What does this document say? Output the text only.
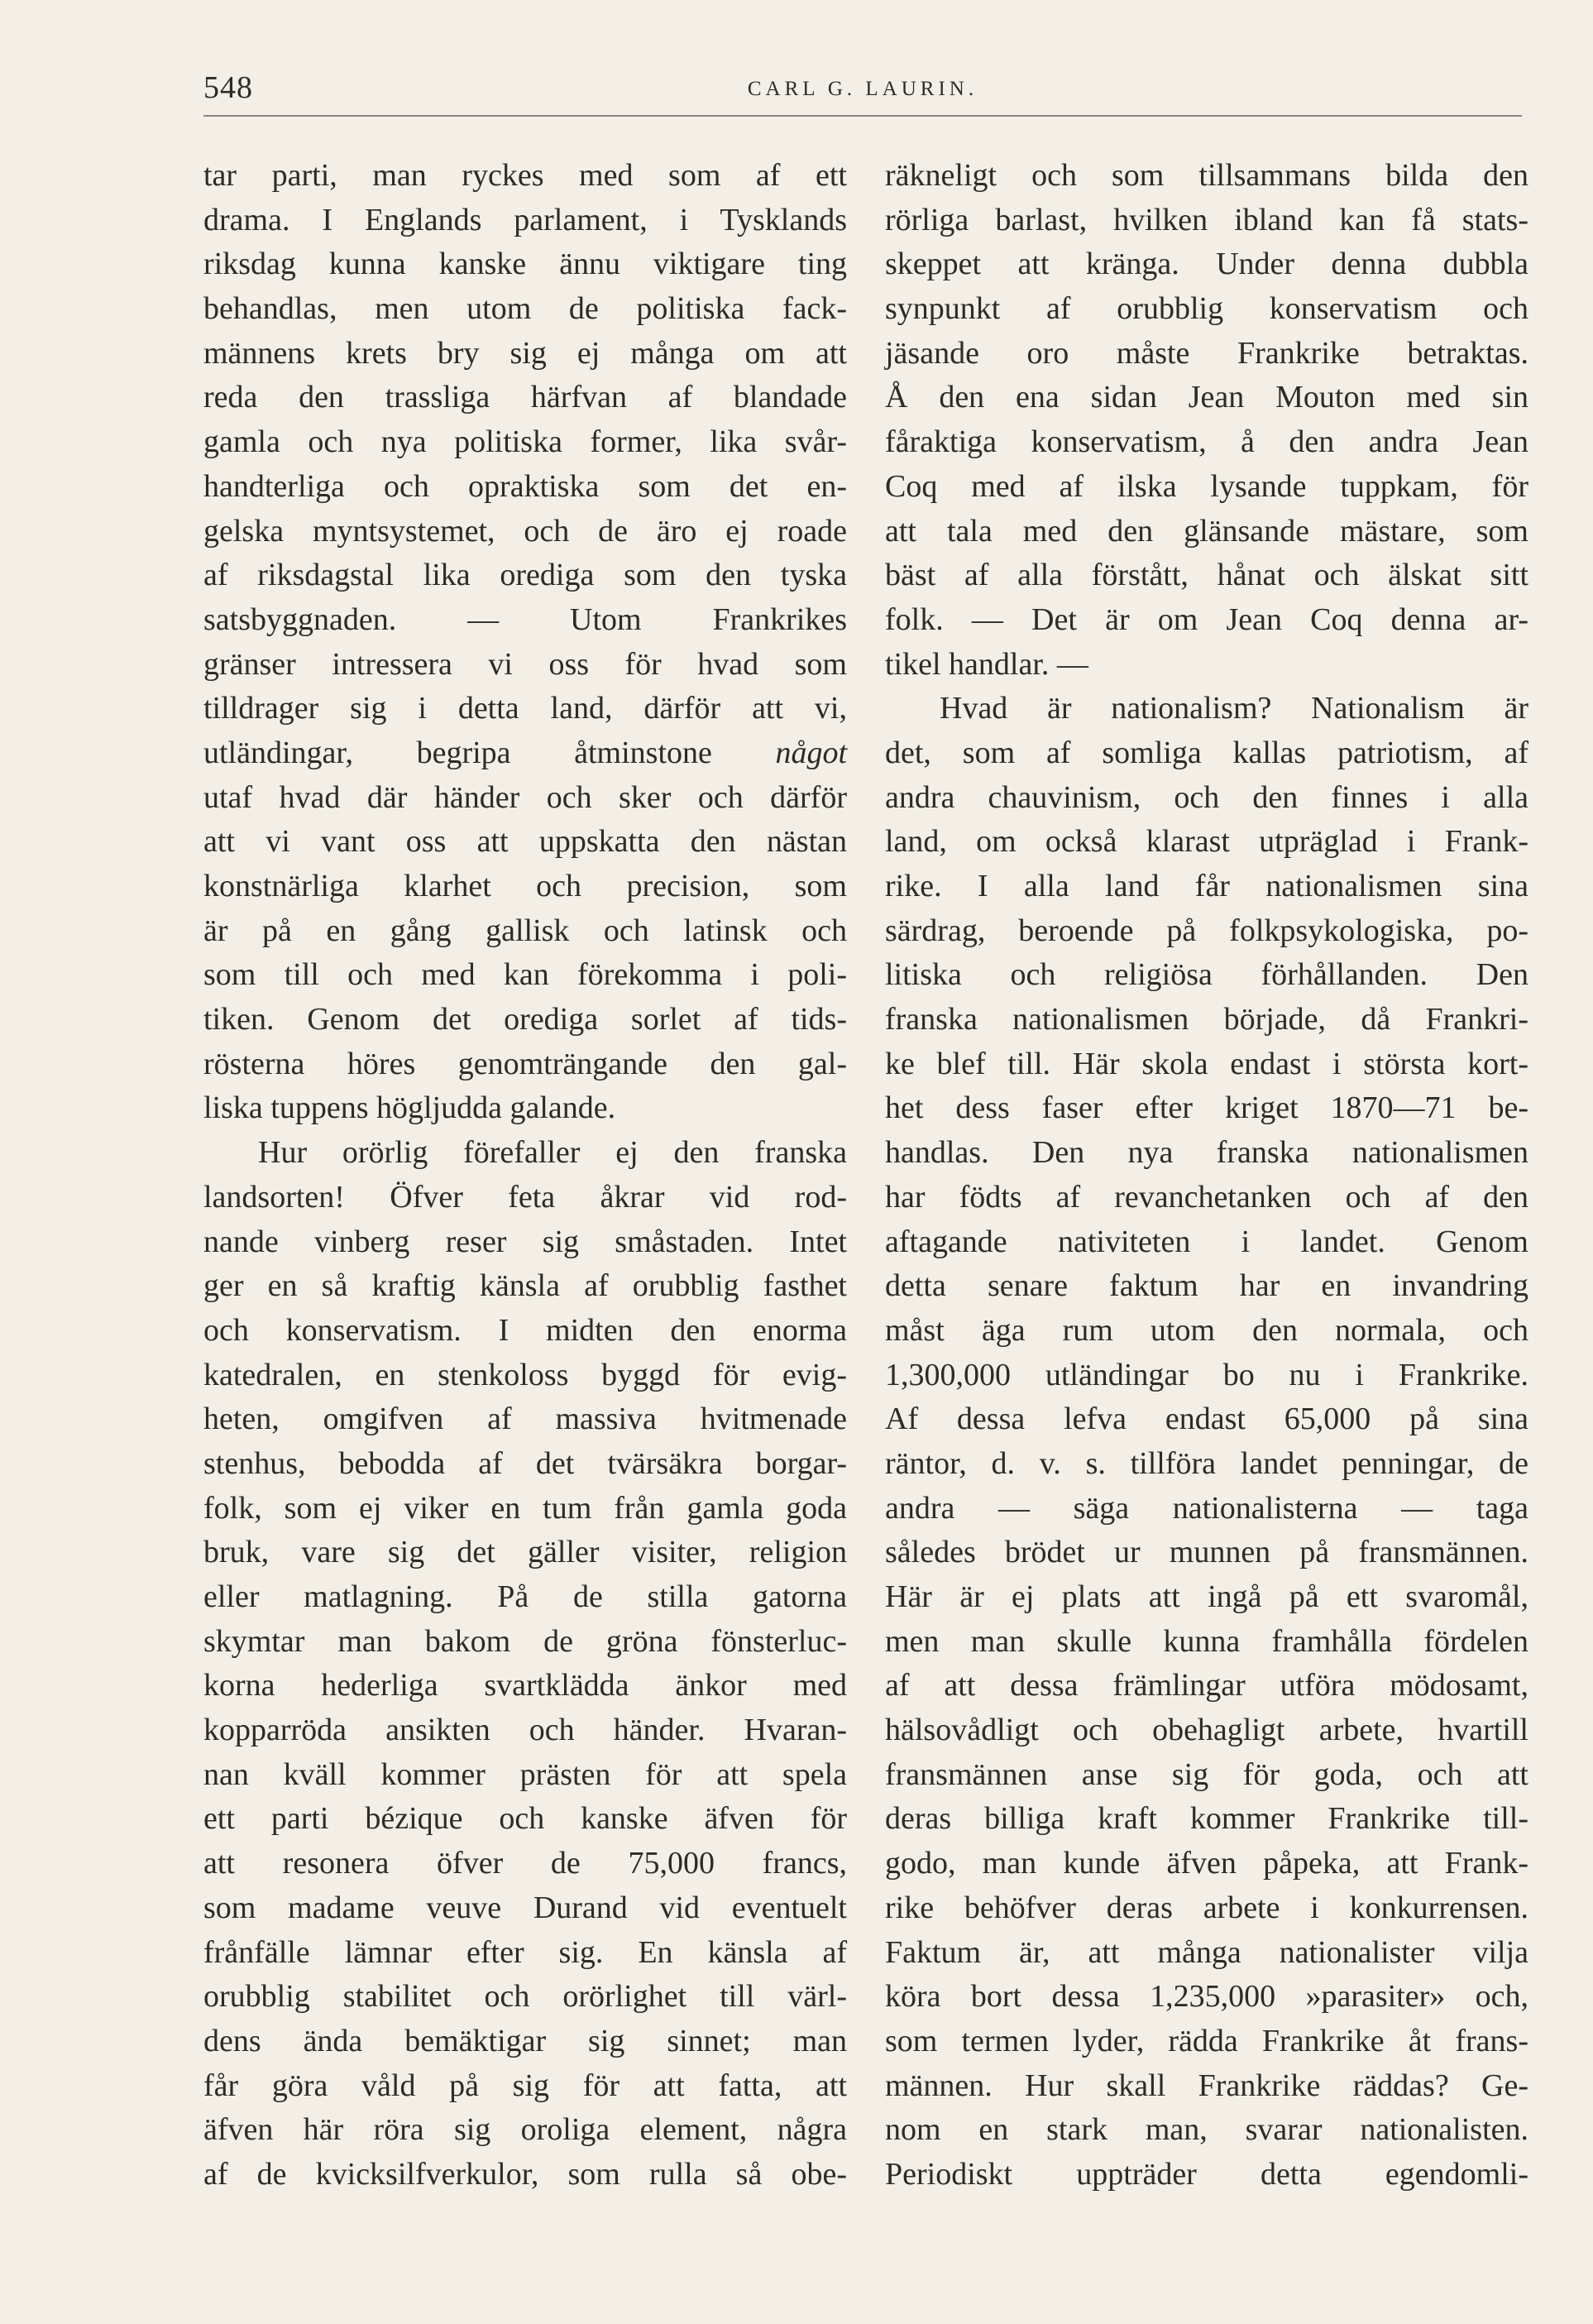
548	CARL G. LAURIN.
tar parti, man ryckes med som af ett
drama. I Englands parlament, i Tysklands
riksdag kunna kanske ännu viktigare ting
behandlas, men utom de politiska fack-
männens krets bry sig ej många om att
reda den trassliga härfvan af blandade
gamla och nya politiska former, lika svår-
handterliga och opraktiska som det en-
gelska myntsystemet, och de äro ej roade
af riksdagstal lika orediga som den tyska
satsbyggnaden. — Utom Frankrikes
gränser intressera vi oss för hvad som
tilldrager sig i detta land, därför att vi,
utländingar, begripa åtminstone något
utaf hvad där händer och sker och därför
att vi vant oss att uppskatta den nästan
konstnärliga klarhet och precision, som
är på en gång gallisk och latinsk och
som till och med kan förekomma i poli-
tiken. Genom det orediga sorlet af tids-
rösterna höres genomträngande den gal-
liska tuppens högljudda galande.
Hur orörlig förefaller ej den franska
landsorten! Öfver feta åkrar vid rod-
nande vinberg reser sig småstaden. Intet
ger en så kraftig känsla af orubblig fasthet
och konservatism. I midten den enorma
katedralen, en stenkoloss byggd för evig-
heten, omgifven af massiva hvitmenade
stenhus, bebodda af det tvärsäkra borgar-
folk, som ej viker en tum från gamla goda
bruk, vare sig det gäller visiter, religion
eller matlagning. På de stilla gatorna
skymtar man bakom de gröna fönsterluc-
korna hederliga svartklädda änkor med
kopparröda ansikten och händer. Hvaran-
nan kväll kommer prästen för att spela
ett parti bézique och kanske äfven för
att resonera öfver de 75,000 francs,
som madame veuve Durand vid eventuelt
frånfälle lämnar efter sig. En känsla af
orubblig stabilitet och orörlighet till värl-
dens ända bemäktigar sig sinnet; man
får göra våld på sig för att fatta, att
äfven här röra sig oroliga element, några
af de kvicksilfverkulor, som rulla så obe-
räkneligt och som tillsammans bilda den
rörliga barlast, hvilken ibland kan få stats-
skeppet att kränga. Under denna dubbla
synpunkt af orubblig konservatism och
jäsande oro måste Frankrike betraktas.
Å den ena sidan Jean Mouton med sin
fåraktiga konservatism, å den andra Jean
Coq med af ilska lysande tuppkam, för
att tala med den glänsande mästare, som
bäst af alla förstått, hånat och älskat sitt
folk. — Det är om Jean Coq denna ar-
tikel handlar. —
Hvad är nationalism? Nationalism är
det, som af somliga kallas patriotism, af
andra chauvinism, och den finnes i alla
land, om också klarast utpräglad i Frank-
rike. I alla land får nationalismen sina
särdrag, beroende på folkpsykologiska, po-
litiska och religiösa förhållanden. Den
franska nationalismen började, då Frankri-
ke blef till. Här skola endast i största kort-
het dess faser efter kriget 1870—71 be-
handlas. Den nya franska nationalismen
har födts af revanchetanken och af den
aftagande nativiteten i landet. Genom
detta senare faktum har en invandring
måst äga rum utom den normala, och
1,300,000 utländingar bo nu i Frankrike.
Af dessa lefva endast 65,000 på sina
räntor, d. v. s. tillföra landet penningar, de
andra — säga nationalisterna — taga
således brödet ur munnen på fransmännen.
Här är ej plats att ingå på ett svaromål,
men man skulle kunna framhålla fördelen
af att dessa främlingar utföra mödosamt,
hälsovådligt och obehagligt arbete, hvartill
fransmännen anse sig för goda, och att
deras billiga kraft kommer Frankrike till-
godo, man kunde äfven påpeka, att Frank-
rike behöfver deras arbete i konkurrensen.
Faktum är, att många nationalister vilja
köra bort dessa 1,235,000 »parasiter» och,
som termen lyder, rädda Frankrike åt frans-
männen. Hur skall Frankrike räddas? Ge-
nom en stark man, svarar nationalisten.
Periodiskt uppträder detta egendomli-
